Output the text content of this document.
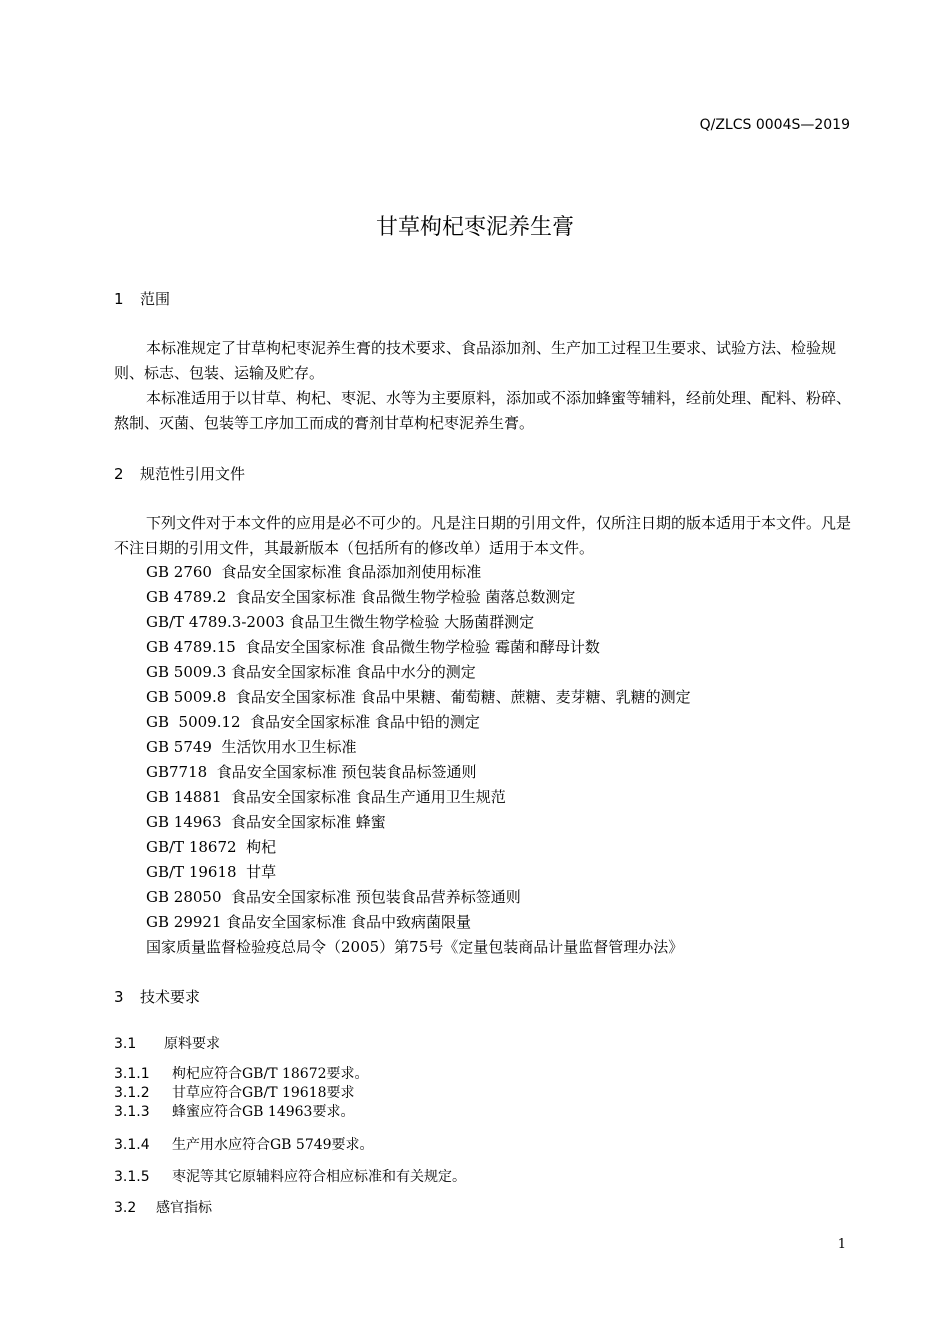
Q/ZLCS 0004S—2019
甘草枸杞枣泥养生膏
1 范围

本标准规定了甘草枸杞枣泥养生膏的技术要求、食品添加剂、生产加工过程卫生要求、试验方法、检验规则、标志、包装、运输及贮存。

本标准适用于以甘草、枸杞、枣泥、水等为主要原料，添加或不添加蜂蜜等辅料，经前处理、配料、粉碎、熬制、灭菌、包装等工序加工而成的膏剂甘草枸杞枣泥养生膏。

2 规范性引用文件

下列文件对于本文件的应用是必不可少的。凡是注日期的引用文件，仅所注日期的版本适用于本文件。凡是不注日期的引用文件，其最新版本（包括所有的修改单）适用于本文件。

GB 2760  食品安全国家标准 食品添加剂使用标准
GB 4789.2  食品安全国家标准 食品微生物学检验 菌落总数测定
GB/T 4789.3-2003 食品卫生微生物学检验 大肠菌群测定
GB 4789.15  食品安全国家标准 食品微生物学检验 霉菌和酵母计数
GB 5009.3 食品安全国家标准 食品中水分的测定
GB 5009.8  食品安全国家标准 食品中果糖、葡萄糖、蔗糖、麦芽糖、乳糖的测定
GB  5009.12  食品安全国家标准 食品中铅的测定
GB 5749  生活饮用水卫生标准
GB7718  食品安全国家标准 预包装食品标签通则
GB 14881  食品安全国家标准 食品生产通用卫生规范
GB 14963  食品安全国家标准 蜂蜜
GB/T 18672  枸杞
GB/T 19618  甘草
GB 28050  食品安全国家标准 预包装食品营养标签通则
GB 29921 食品安全国家标准 食品中致病菌限量
国家质量监督检验疫总局令（2005）第75号《定量包装商品计量监督管理办法》
3 技术要求
3.1 原料要求
3.1.1 枸杞应符合GB/T 18672要求。
3.1.2 甘草应符合GB/T 19618要求
3.1.3 蜂蜜应符合GB 14963要求。
3.1.4 生产用水应符合GB 5749要求。
3.1.5 枣泥等其它原辅料应符合相应标准和有关规定。
3.2 感官指标
1
